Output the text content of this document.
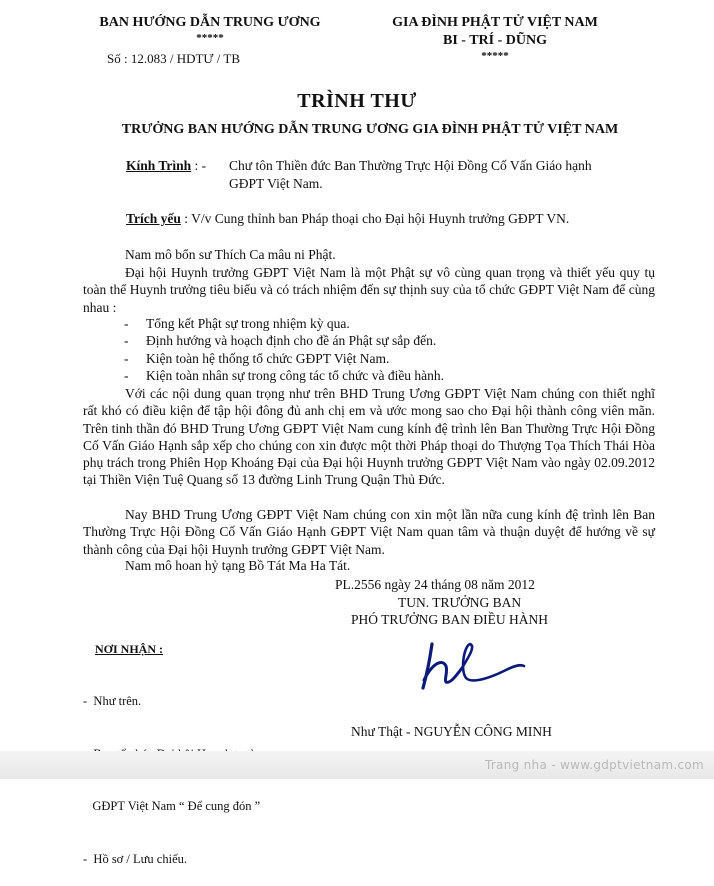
BAN HƯỚNG DẪN TRUNG ƯƠNG
*****
Số : 12.083 / HDTƯ / TB
GIA ĐÌNH PHẬT TỬ VIỆT NAM
BI - TRÍ - DŨNG
*****
TRÌNH THƯ
TRƯỞNG BAN HƯỚNG DẪN TRUNG ƯƠNG GIA ĐÌNH PHẬT TỬ VIỆT NAM
Kính Trình : - Chư tôn Thiền đức Ban Thường Trực Hội Đồng Cố Vấn Giáo hạnh
GĐPT Việt Nam.
Trích yếu : V/v Cung thỉnh ban Pháp thoại cho Đại hội Huynh trưởng GĐPT VN.
Nam mô bổn sư Thích Ca mâu ni Phật.
Đại hội Huynh trưởng GĐPT Việt Nam là một Phật sự vô cùng quan trọng và thiết yếu quy tụ toàn thể Huynh trưởng tiêu biểu và có trách nhiệm đến sự thịnh suy của tổ chức GĐPT Việt Nam để cùng nhau :
- Tổng kết Phật sự trong nhiệm kỳ qua.
- Định hướng và hoạch định cho đề án Phật sự sắp đến.
- Kiện toàn hệ thống tổ chức GĐPT Việt Nam.
- Kiện toàn nhân sự trong công tác tổ chức và điều hành.
Với các nội dung quan trọng như trên BHD Trung Ương GĐPT Việt Nam chúng con thiết nghĩ rất khó có điều kiện để tập hội đông đủ anh chị em và ước mong sao cho Đại hội thành công viên mãn. Trên tinh thần đó BHD Trung Ương GĐPT Việt Nam cung kính đệ trình lên Ban Thường Trực Hội Đồng Cố Vấn Giáo Hạnh sắp xếp cho chúng con xin được một thời Pháp thoại do Thượng Tọa Thích Thái Hòa phụ trách trong Phiên Họp Khoáng Đại của Đại hội Huynh trưởng GĐPT Việt Nam vào ngày 02.09.2012 tại Thiền Viện Tuệ Quang số 13 đường Linh Trung Quận Thủ Đức.
Nay BHD Trung Ương GĐPT Việt Nam chúng con xin một lần nữa cung kính đệ trình lên Ban Thường Trực Hội Đồng Cố Vấn Giáo Hạnh GĐPT Việt Nam quan tâm và thuận duyệt để hướng về sự thành công của Đại hội Huynh trưởng GĐPT Việt Nam.
Nam mô hoan hỷ tạng Bồ Tát Ma Ha Tát.
PL.2556 ngày 24 tháng 08 năm 2012
TUN. TRƯỞNG BAN
PHÓ TRƯỞNG BAN ĐIỀU HÀNH
Như Thật - NGUYỄN CÔNG MINH
NƠI NHẬN :

-  Như trên.

GĐPT Việt Nam “ Để cung đón ”

-  Hồ sơ / Lưu chiếu.

Trang nha - www.gdptvietnam.com
